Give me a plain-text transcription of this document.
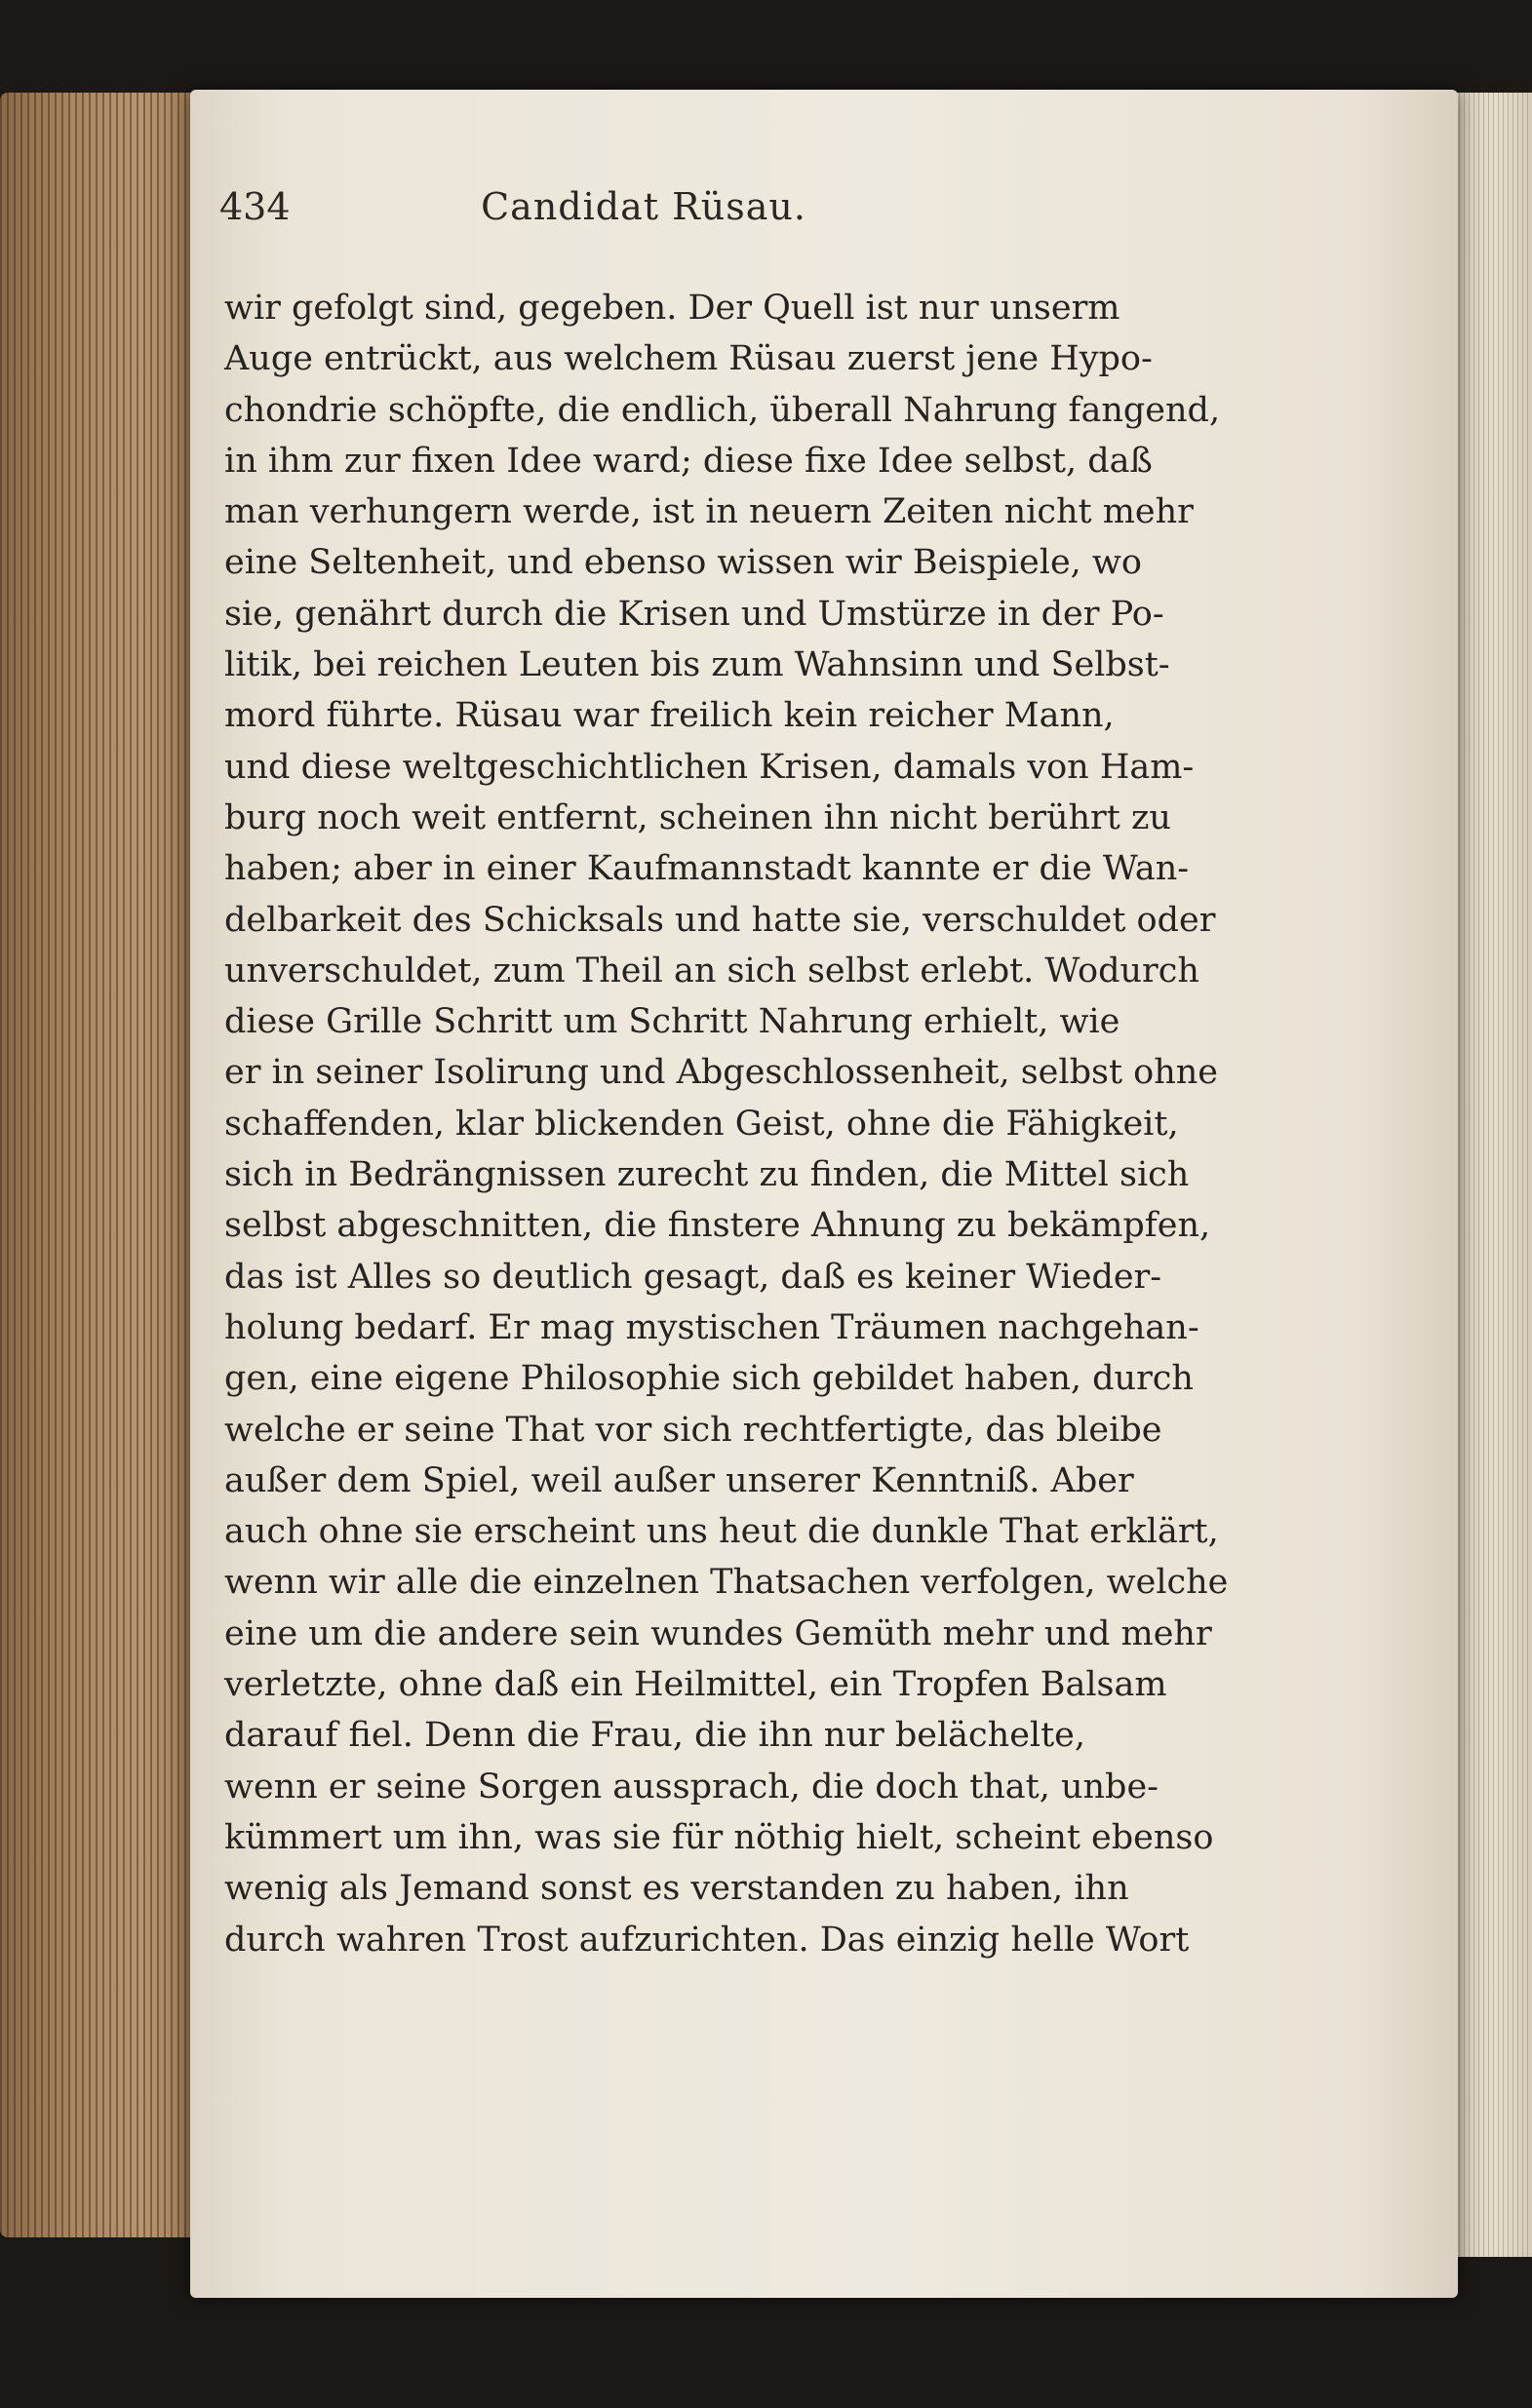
434	Candidat Rüsau.
wir gefolgt sind, gegeben. Der Quell ist nur unserm
Auge entrückt, aus welchem Rüsau zuerst jene Hypo-
chondrie schöpfte, die endlich, überall Nahrung fangend,
in ihm zur fixen Idee ward; diese fixe Idee selbst, daß
man verhungern werde, ist in neuern Zeiten nicht mehr
eine Seltenheit, und ebenso wissen wir Beispiele, wo
sie, genährt durch die Krisen und Umstürze in der Po-
litik, bei reichen Leuten bis zum Wahnsinn und Selbst-
mord führte. Rüsau war freilich kein reicher Mann,
und diese weltgeschichtlichen Krisen, damals von Ham-
burg noch weit entfernt, scheinen ihn nicht berührt zu
haben; aber in einer Kaufmannstadt kannte er die Wan-
delbarkeit des Schicksals und hatte sie, verschuldet oder
unverschuldet, zum Theil an sich selbst erlebt. Wodurch
diese Grille Schritt um Schritt Nahrung erhielt, wie
er in seiner Isolirung und Abgeschlossenheit, selbst ohne
schaffenden, klar blickenden Geist, ohne die Fähigkeit,
sich in Bedrängnissen zurecht zu finden, die Mittel sich
selbst abgeschnitten, die finstere Ahnung zu bekämpfen,
das ist Alles so deutlich gesagt, daß es keiner Wieder-
holung bedarf. Er mag mystischen Träumen nachgehan-
gen, eine eigene Philosophie sich gebildet haben, durch
welche er seine That vor sich rechtfertigte, das bleibe
außer dem Spiel, weil außer unserer Kenntniß. Aber
auch ohne sie erscheint uns heut die dunkle That erklärt,
wenn wir alle die einzelnen Thatsachen verfolgen, welche
eine um die andere sein wundes Gemüth mehr und mehr
verletzte, ohne daß ein Heilmittel, ein Tropfen Balsam
darauf fiel. Denn die Frau, die ihn nur belächelte,
wenn er seine Sorgen aussprach, die doch that, unbe-
kümmert um ihn, was sie für nöthig hielt, scheint ebenso
wenig als Jemand sonst es verstanden zu haben, ihn
durch wahren Trost aufzurichten. Das einzig helle Wort
